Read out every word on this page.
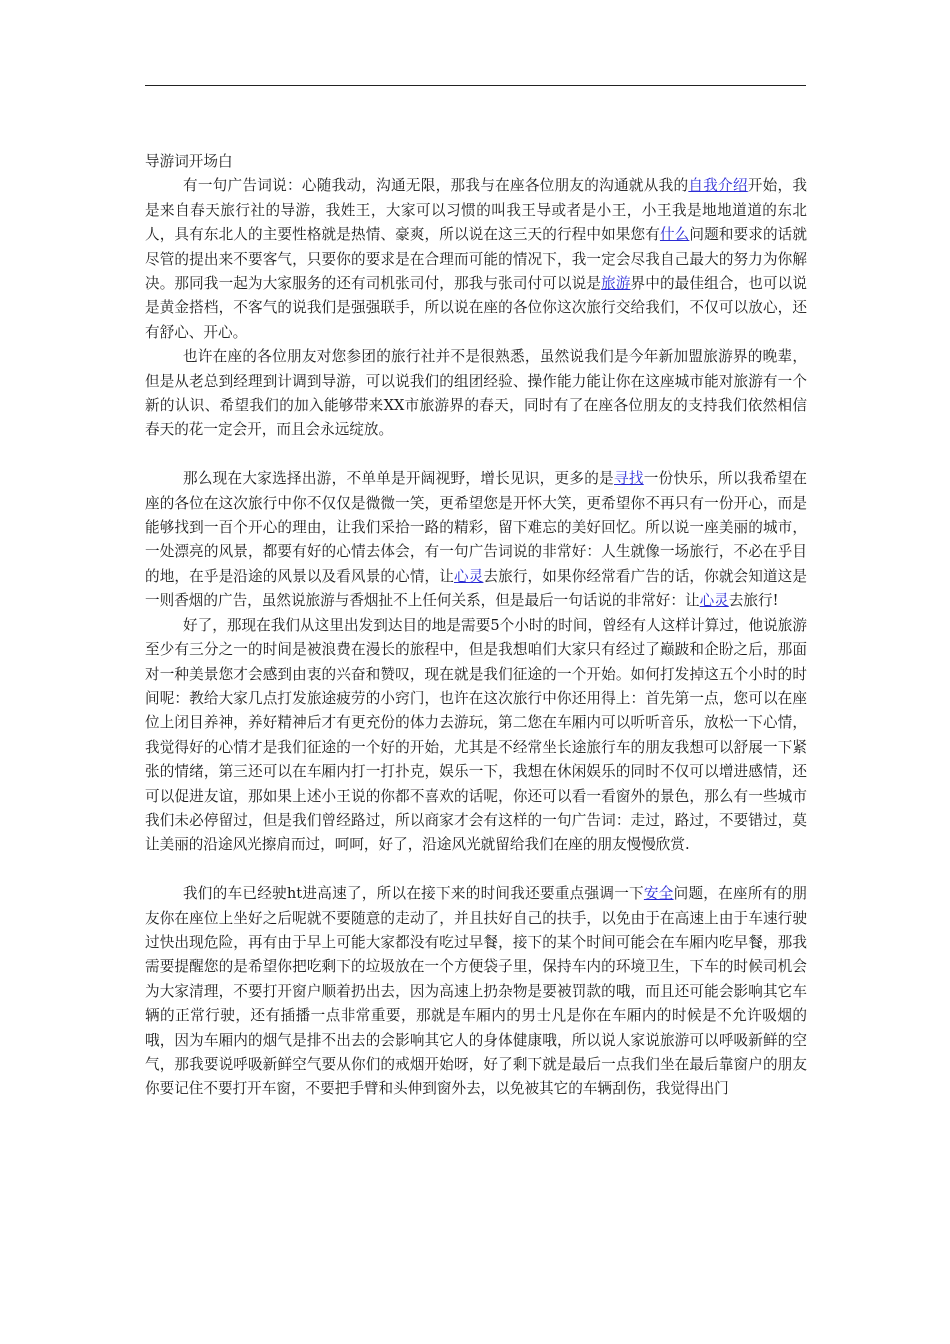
导游词开场白

有一句广告词说：心随我动，沟通无限，那我与在座各位朋友的沟通就从我的自我介绍开始，我是来自春天旅行社的导游，我姓王，大家可以习惯的叫我王导或者是小王，小王我是地地道道的东北人，具有东北人的主要性格就是热情、豪爽，所以说在这三天的行程中如果您有什么问题和要求的话就尽管的提出来不要客气，只要你的要求是在合理而可能的情况下，我一定会尽我自己最大的努力为你解决。那同我一起为大家服务的还有司机张司付，那我与张司付可以说是旅游界中的最佳组合，也可以说是黄金搭档，不客气的说我们是强强联手，所以说在座的各位你这次旅行交给我们，不仅可以放心，还有舒心、开心。

也许在座的各位朋友对您参团的旅行社并不是很熟悉，虽然说我们是今年新加盟旅游界的晚辈，但是从老总到经理到计调到导游，可以说我们的组团经验、操作能力能让你在这座城市能对旅游有一个新的认识、希望我们的加入能够带来XX市旅游界的春天，同时有了在座各位朋友的支持我们依然相信春天的花一定会开，而且会永远绽放。

那么现在大家选择出游，不单单是开阔视野，增长见识，更多的是寻找一份快乐，所以我希望在座的各位在这次旅行中你不仅仅是微微一笑，更希望您是开怀大笑，更希望你不再只有一份开心，而是能够找到一百个开心的理由，让我们采拾一路的精彩，留下难忘的美好回忆。所以说一座美丽的城市，一处漂亮的风景，都要有好的心情去体会，有一句广告词说的非常好：人生就像一场旅行，不必在乎目的地，在乎是沿途的风景以及看风景的心情，让心灵去旅行，如果你经常看广告的话，你就会知道这是一则香烟的广告，虽然说旅游与香烟扯不上任何关系，但是最后一句话说的非常好：让心灵去旅行!

好了，那现在我们从这里出发到达目的地是需要5个小时的时间，曾经有人这样计算过，他说旅游至少有三分之一的时间是被浪费在漫长的旅程中，但是我想咱们大家只有经过了巅跛和企盼之后，那面对一种美景您才会感到由衷的兴奋和赞叹，现在就是我们征途的一个开始。如何打发掉这五个小时的时间呢：教给大家几点打发旅途疲劳的小窍门，也许在这次旅行中你还用得上：首先第一点，您可以在座位上闭目养神，养好精神后才有更充份的体力去游玩，第二您在车厢内可以听听音乐，放松一下心情，我觉得好的心情才是我们征途的一个好的开始，尤其是不经常坐长途旅行车的朋友我想可以舒展一下紧张的情绪，第三还可以在车厢内打一打扑克，娱乐一下，我想在休闲娱乐的同时不仅可以增进感情，还可以促进友谊，那如果上述小王说的你都不喜欢的话呢，你还可以看一看窗外的景色，那么有一些城市我们未必停留过，但是我们曾经路过，所以商家才会有这样的一句广告词：走过，路过，不要错过，莫让美丽的沿途风光擦肩而过，呵呵，好了，沿途风光就留给我们在座的朋友慢慢欣赏.

我们的车已经驶ht进高速了，所以在接下来的时间我还要重点强调一下安全问题，在座所有的朋友你在座位上坐好之后呢就不要随意的走动了，并且扶好自己的扶手，以免由于在高速上由于车速行驶过快出现危险，再有由于早上可能大家都没有吃过早餐，接下的某个时间可能会在车厢内吃早餐，那我需要提醒您的是希望你把吃剩下的垃圾放在一个方便袋子里，保持车内的环境卫生，下车的时候司机会为大家清理，不要打开窗户顺着扔出去，因为高速上扔杂物是要被罚款的哦，而且还可能会影响其它车辆的正常行驶，还有插播一点非常重要，那就是车厢内的男士凡是你在车厢内的时候是不允许吸烟的哦，因为车厢内的烟气是排不出去的会影响其它人的身体健康哦，所以说人家说旅游可以呼吸新鲜的空气，那我要说呼吸新鲜空气要从你们的戒烟开始呀，好了剩下就是最后一点我们坐在最后靠窗户的朋友你要记住不要打开车窗，不要把手臂和头伸到窗外去，以免被其它的车辆刮伤，我觉得出门
